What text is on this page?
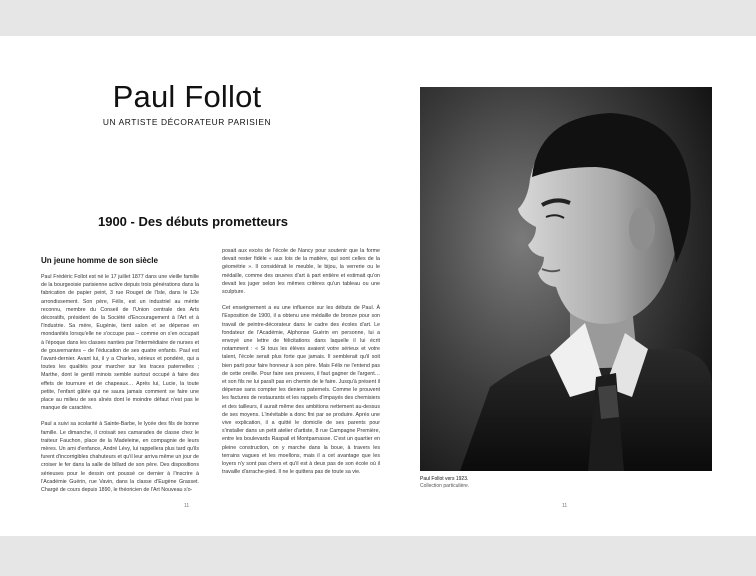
Paul Follot
UN ARTISTE DÉCORATEUR PARISIEN
1900 - Des débuts prometteurs
Un jeune homme de son siècle

Paul Frédéric Follot est né le 17 juillet 1877 dans une vieille famille de la bourgeoisie parisienne active depuis trois générations dans la fabrication de papier peint, 3 rue Rouget de l'Isle, dans le 12e arrondissement. Son père, Félix, est un industriel au mérite reconnu, membre du Conseil de l'Union centrale des Arts décoratifs, président de la Société d'Encouragement à l'Art et à l'Industrie. Sa mère, Eugénie, tient salon et se dépense en mondanités lorsqu'elle ne s'occupe pas – comme on s'en occupait à l'époque dans les classes nanties par l'intermédiaire de nurses et de gouvernantes – de l'éducation de ses quatre enfants. Paul est l'avant-dernier. Avant lui, il y a Charles, sérieux et pondéré, qui a toutes les qualités pour marcher sur les traces paternelles ; Marthe, dont le gentil minois semble surtout occupé à faire des effets de tournure et de chapeaux… Après lui, Lucie, la toute petite, l'enfant gâtée qui ne saura jamais comment se faire une place au milieu de ses aînés dont le moindre défaut n'est pas le manque de caractère.

Paul a suivi sa scolarité à Sainte-Barbe, le lycée des fils de bonne famille. Le dimanche, il croisait ses camarades de classe chez le traiteur Fauchon, place de la Madeleine, en compagnie de leurs mères. Un ami d'enfance, André Lévy, lui rappellera plus tard qu'ils furent d'incorrigibles chahuteurs et qu'il leur arriva même un jour de croiser le fer dans la salle de billard de son père. Des dispositions sérieuses pour le dessin ont poussé ce dernier à l'inscrire à l'Académie Guérin, rue Vavin, dans la classe d'Eugène Grasset. Chargé de cours depuis 1890, le théoricien de l'Art Nouveau s'o-

posait aux excès de l'école de Nancy pour soutenir que la forme devait rester fidèle « aux lois de la matière, qui sont celles de la géométrie ». Il considérait le meuble, le bijou, la verrerie ou le médaille, comme des œuvres d'art à part entière et estimait qu'on devait les juger selon les mêmes critères qu'un tableau ou une sculpture.

Cet enseignement a eu une influence sur les débuts de Paul. À l'Exposition de 1900, il a obtenu une médaille de bronze pour son travail de peintre-décorateur dans le cadre des écoles d'art. Le fondateur de l'Académie, Alphonse Guérin en personne, lui a envoyé une lettre de félicitations dans laquelle il lui écrit notamment : « Si tous les élèves avaient votre sérieux et votre talent, l'école serait plus forte que jamais. Il semblerait qu'il soit bien parti pour faire honneur à son père. Mais Félix ne l'entend pas de cette oreille. Pour faire ses preuves, il faut gagner de l'argent… et son fils ne lui paraît pas en chemin de le faire. Jusqu'à présent il dépense sans compter les deniers paternels. Comme le prouvent les factures de restaurants et les rappels d'impayés des chemisiers et des tailleurs, il aurait même des ambitions nettement au-dessus de ses moyens. L'inévitable a donc fini par se produire. Après une vive explication, il a quitté le domicile de ses parents pour s'installer dans un petit atelier d'artiste, 8 rue Campagne Première, entre les boulevards Raspail et Montparnasse. C'est un quartier en pleine construction, on y marche dans la boue, à travers les terrains vagues et les moellons, mais il a cet avantage que les loyers n'y sont pas chers et qu'il est à deux pas de son école où il travaille d'arrache-pied. Il ne le quittera pas de toute sa vie.

11
Paul Follot vers 1923.
Collection particulière.
11
